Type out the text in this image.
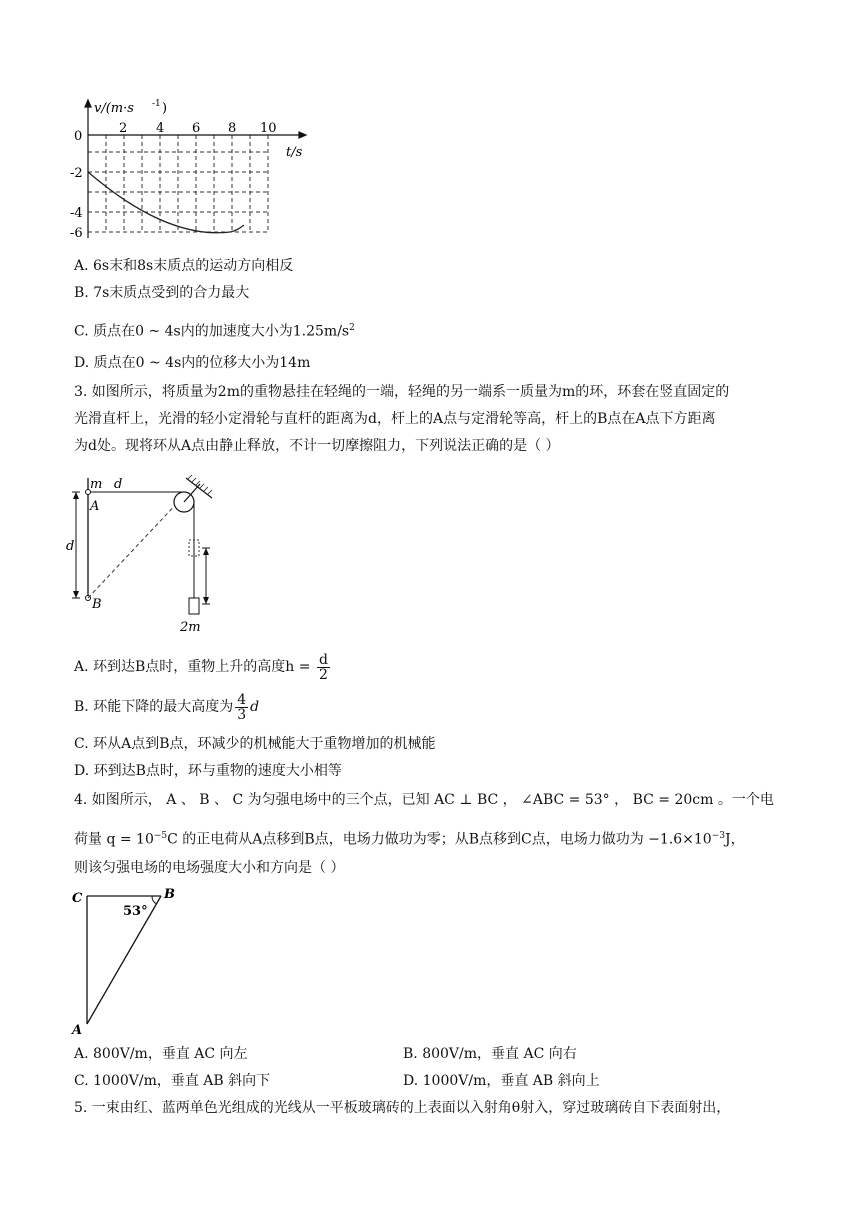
v/(m·s -1 )
t/s
2 4 6 8 10
0
-2
-4
-6
A. 6s末和8s末质点的运动方向相反
B. 7s末质点受到的合力最大
C. 质点在0 ~ 4s内的加速度大小为$1.25m/s^2$
D. 质点在0 ~ 4s内的位移大小为14m
3. 如图所示，将质量为2m的重物悬挂在轻绳的一端，轻绳的另一端系一质量为m的环，环套在竖直固定的
光滑直杆上，光滑的轻小定滑轮与直杆的距离为d，杆上的A点与定滑轮等高，杆上的B点在A点下方距离
为d处。现将环从A点由静止释放，不计一切摩擦阻力，下列说法正确的是（ ）
m d
A
d
B
2m
A. 环到达B点时，重物上升的高度$h = \frac{d}{2}$
B. 环能下降的最大高度为 $\frac{4}{3}$ d
C. 环从A点到B点，环减少的机械能大于重物增加的机械能
D. 环到达B点时，环与重物的速度大小相等
4. 如图所示， A 、 B 、 C 为匀强电场中的三个点，已知 AC ⊥ BC ， ∠ABC = 53° ， BC = 20cm 。一个电
荷量 $q = 10^{-5}C$ 的正电荷从A点移到B点，电场力做功为零；从B点移到C点，电场力做功为 $-1.6\times 10^{-3}J$，
则该匀强电场的电场强度大小和方向是（ ）
C	B
A
53°
A. 800V/m，垂直 AC 向左	B. 800V/m，垂直 AC 向右
C. 1000V/m，垂直 AB 斜向下	D. 1000V/m，垂直 AB 斜向上
5. 一束由红、蓝两单色光组成的光线从一平板玻璃砖的上表面以入射角θ射入，穿过玻璃砖自下表面射出，
